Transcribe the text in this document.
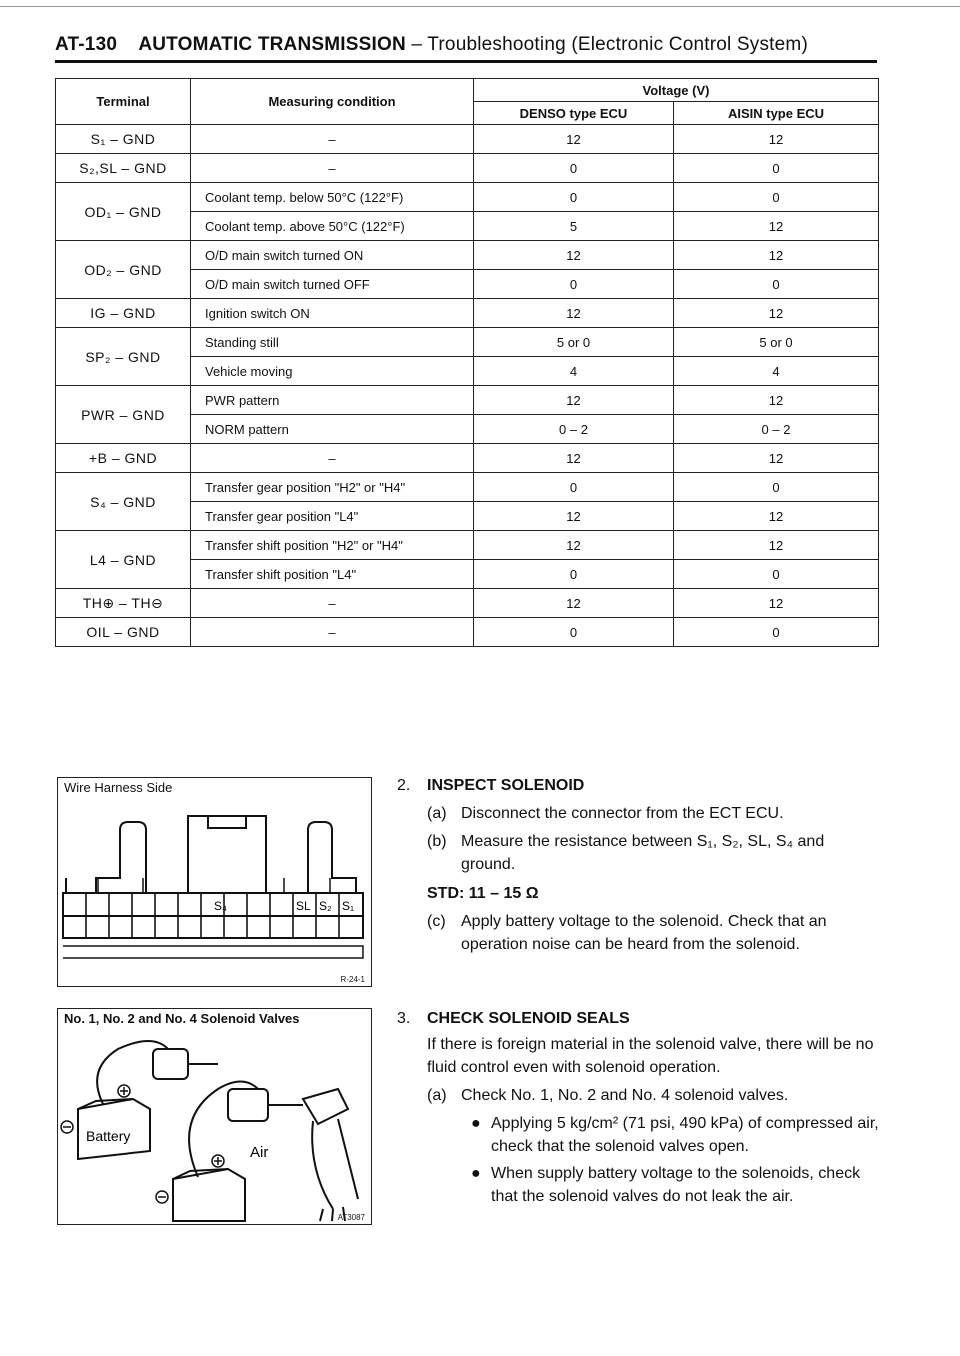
AT-130 AUTOMATIC TRANSMISSION – Troubleshooting (Electronic Control System)
Terminal	Measuring condition	Voltage (V)	
		DENSO type ECU	AISIN type ECU
S₁ – GND	–	12	12
S₂,SL – GND	–	0	0
OD₁ – GND	Coolant temp. below 50°C (122°F)	0	0
	Coolant temp. above 50°C (122°F)	5	12
OD₂ – GND	O/D main switch turned ON	12	12
	O/D main switch turned OFF	0	0
IG – GND	Ignition switch ON	12	12
SP₂ – GND	Standing still	5 or 0	5 or 0
	Vehicle moving	4	4
PWR – GND	PWR pattern	12	12
	NORM pattern	0 – 2	0 – 2
+B – GND	–	12	12
S₄ – GND	Transfer gear position "H2" or "H4"	0	0
	Transfer gear position "L4"	12	12
L4 – GND	Transfer shift position "H2" or "H4"	12	12
	Transfer shift position "L4"	0	0
TH⊕ – TH⊖	–	12	12
OIL – GND	–	0	0
Wire Harness Side
S₄	SL S₂ S₁
R-24-1
No. 1, No. 2 and No. 4 Solenoid Valves
Battery
Air
AT3087
2. INSPECT SOLENOID
(a) Disconnect the connector from the ECT ECU.
(b) Measure the resistance between S₁, S₂, SL, S₄ and ground.
STD: 11 – 15 Ω
(c) Apply battery voltage to the solenoid. Check that an operation noise can be heard from the solenoid.
3. CHECK SOLENOID SEALS
If there is foreign material in the solenoid valve, there will be no fluid control even with solenoid operation.
(a) Check No. 1, No. 2 and No. 4 solenoid valves.
● Applying 5 kg/cm² (71 psi, 490 kPa) of compressed air, check that the solenoid valves open.
● When supply battery voltage to the solenoids, check that the solenoid valves do not leak the air.
